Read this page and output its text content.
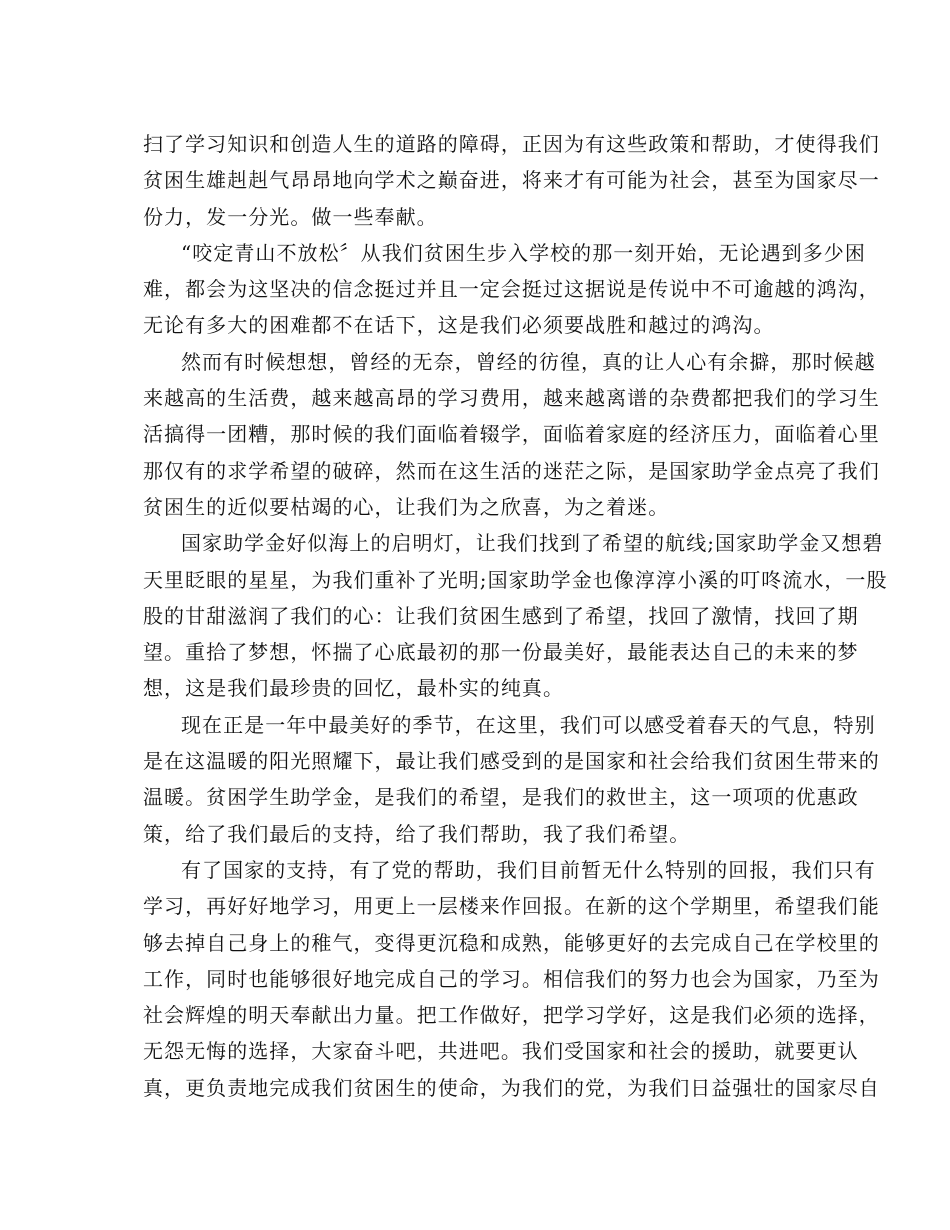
扫了学习知识和创造人生的道路的障碍，正因为有这些政策和帮助，才使得我们
贫困生雄赳赳气昂昂地向学术之巅奋进，将来才有可能为社会，甚至为国家尽一
份力，发一分光。做一些奉献。
“咬定青山不放松〞从我们贫困生步入学校的那一刻开始，无论遇到多少困
难，都会为这坚决的信念挺过并且一定会挺过这据说是传说中不可逾越的鸿沟，
无论有多大的困难都不在话下，这是我们必须要战胜和越过的鸿沟。
然而有时候想想，曾经的无奈，曾经的彷徨，真的让人心有余擗，那时候越
来越高的生活费，越来越高昂的学习费用，越来越离谱的杂费都把我们的学习生
活搞得一团糟，那时候的我们面临着辍学，面临着家庭的经济压力，面临着心里
那仅有的求学希望的破碎，然而在这生活的迷茫之际，是国家助学金点亮了我们
贫困生的近似要枯竭的心，让我们为之欣喜，为之着迷。
国家助学金好似海上的启明灯，让我们找到了希望的航线;国家助学金又想碧
天里眨眼的星星，为我们重补了光明;国家助学金也像淳淳小溪的叮咚流水，一股
股的甘甜滋润了我们的心：让我们贫困生感到了希望，找回了激情，找回了期
望。重拾了梦想，怀揣了心底最初的那一份最美好，最能表达自己的未来的梦
想，这是我们最珍贵的回忆，最朴实的纯真。
现在正是一年中最美好的季节，在这里，我们可以感受着春天的气息，特别
是在这温暖的阳光照耀下，最让我们感受到的是国家和社会给我们贫困生带来的
温暖。贫困学生助学金，是我们的希望，是我们的救世主，这一项项的优惠政
策，给了我们最后的支持，给了我们帮助，我了我们希望。
有了国家的支持，有了党的帮助，我们目前暂无什么特别的回报，我们只有
学习，再好好地学习，用更上一层楼来作回报。在新的这个学期里，希望我们能
够去掉自己身上的稚气，变得更沉稳和成熟，能够更好的去完成自己在学校里的
工作，同时也能够很好地完成自己的学习。相信我们的努力也会为国家，乃至为
社会辉煌的明天奉献出力量。把工作做好，把学习学好，这是我们必须的选择，
无怨无悔的选择，大家奋斗吧，共进吧。我们受国家和社会的援助，就要更认
真，更负责地完成我们贫困生的使命，为我们的党，为我们日益强壮的国家尽自
